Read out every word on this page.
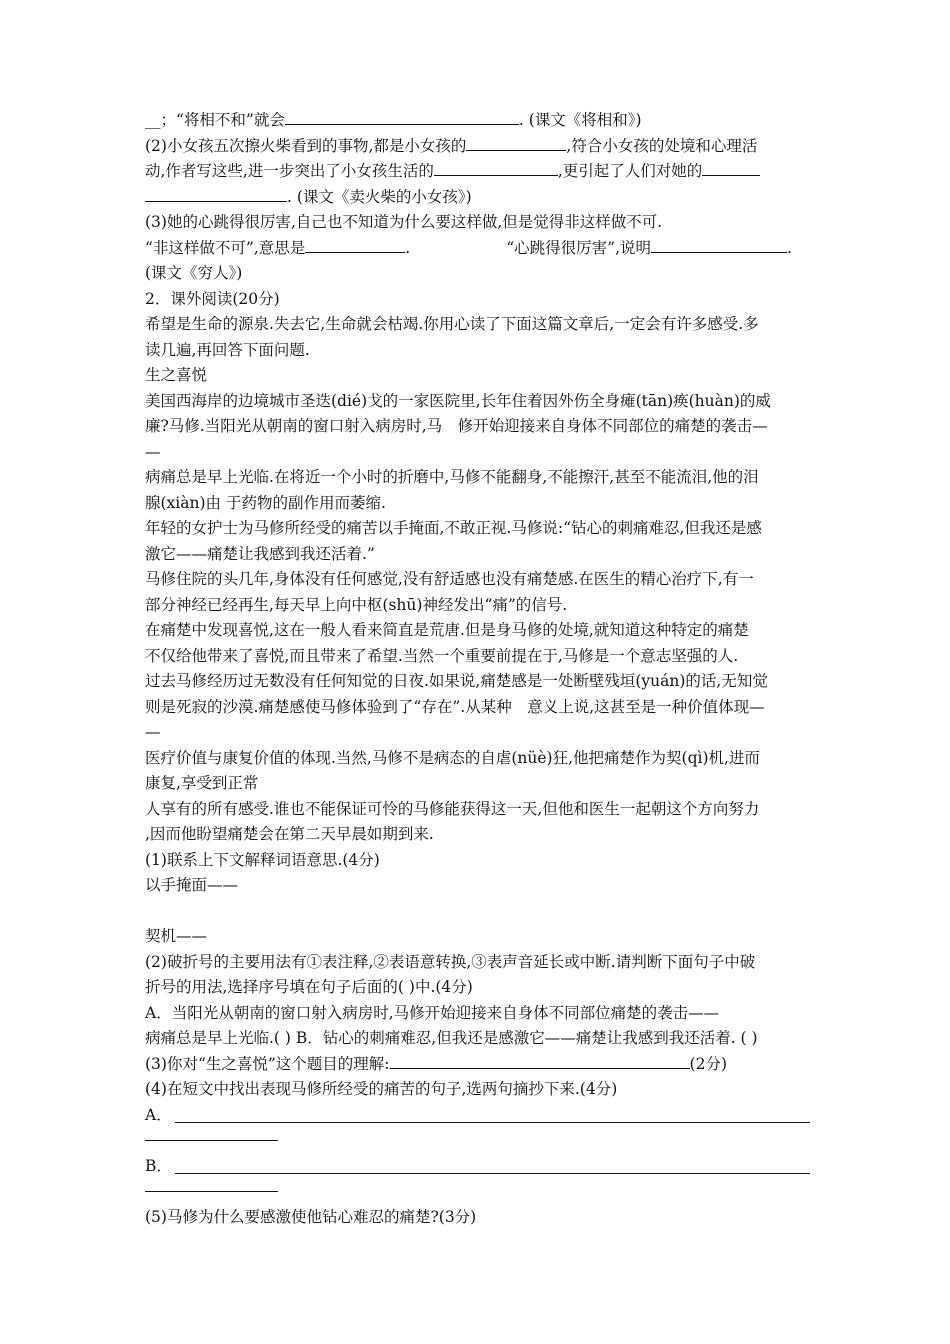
__；“将相不和”就会	. (课文《将相和》)
(2)小女孩五次擦火柴看到的事物,都是小女孩的	,符合小女孩的处境和心理活
动,作者写这些,进一步突出了小女孩生活的	,更引起了人们对她的
. (课文《卖火柴的小女孩》)
(3)她的心跳得很厉害,自己也不知道为什么要这样做,但是觉得非这样做不可.
“非这样做不可”,意思是	.	“心跳得很厉害”,说明	.
(课文《穷人》)
2．课外阅读(20分)
希望是生命的源泉.失去它,生命就会枯竭.你用心读了下面这篇文章后,一定会有许多感受.多
读几遍,再回答下面问题.
生之喜悦
美国西海岸的边境城市圣迭(dié)戈的一家医院里,长年住着因外伤全身瘫(tān)痪(huàn)的威
廉?马修.当阳光从朝南的窗口射入病房时,马　修开始迎接来自身体不同部位的痛楚的袭击—
—
病痛总是早上光临.在将近一个小时的折磨中,马修不能翻身,不能擦汗,甚至不能流泪,他的泪
腺(xiàn)由 于药物的副作用而萎缩.
年轻的女护士为马修所经受的痛苦以手掩面,不敢正视.马修说:“钻心的刺痛难忍,但我还是感
激它——痛楚让我感到我还活着.”
马修住院的头几年,身体没有任何感觉,没有舒适感也没有痛楚感.在医生的精心治疗下,有一
部分神经已经再生,每天早上向中枢(shū)神经发出“痛”的信号.
在痛楚中发现喜悦,这在一般人看来简直是荒唐.但是身马修的处境,就知道这种特定的痛楚
不仅给他带来了喜悦,而且带来了希望.当然一个重要前提在于,马修是一个意志坚强的人.
过去马修经历过无数没有任何知觉的日夜.如果说,痛楚感是一处断壁残垣(yuán)的话,无知觉
则是死寂的沙漠.痛楚感使马修体验到了“存在”.从某种　意义上说,这甚至是一种价值体现—
—
医疗价值与康复价值的体现.当然,马修不是病态的自虐(nüè)狂,他把痛楚作为契(qì)机,进而
康复,享受到正常
人享有的所有感受.谁也不能保证可怜的马修能获得这一天,但他和医生一起朝这个方向努力
,因而他盼望痛楚会在第二天早晨如期到来.
(1)联系上下文解释词语意思.(4分)
以手掩面——
契机——
(2)破折号的主要用法有①表注释,②表语意转换,③表声音延长或中断.请判断下面句子中破
折号的用法,选择序号填在句子后面的( )中.(4分)
A．当阳光从朝南的窗口射入病房时,马修开始迎接来自身体不同部位痛楚的袭击——
病痛总是早上光临.( ) B．钻心的刺痛难忍,但我还是感激它——痛楚让我感到我还活着. ( )
(3)你对“生之喜悦”这个题目的理解:	(2分)
(4)在短文中找出表现马修所经受的痛苦的句子,选两句摘抄下来.(4分)
A．
B．
(5)马修为什么要感激使他钻心难忍的痛楚?(3分)
